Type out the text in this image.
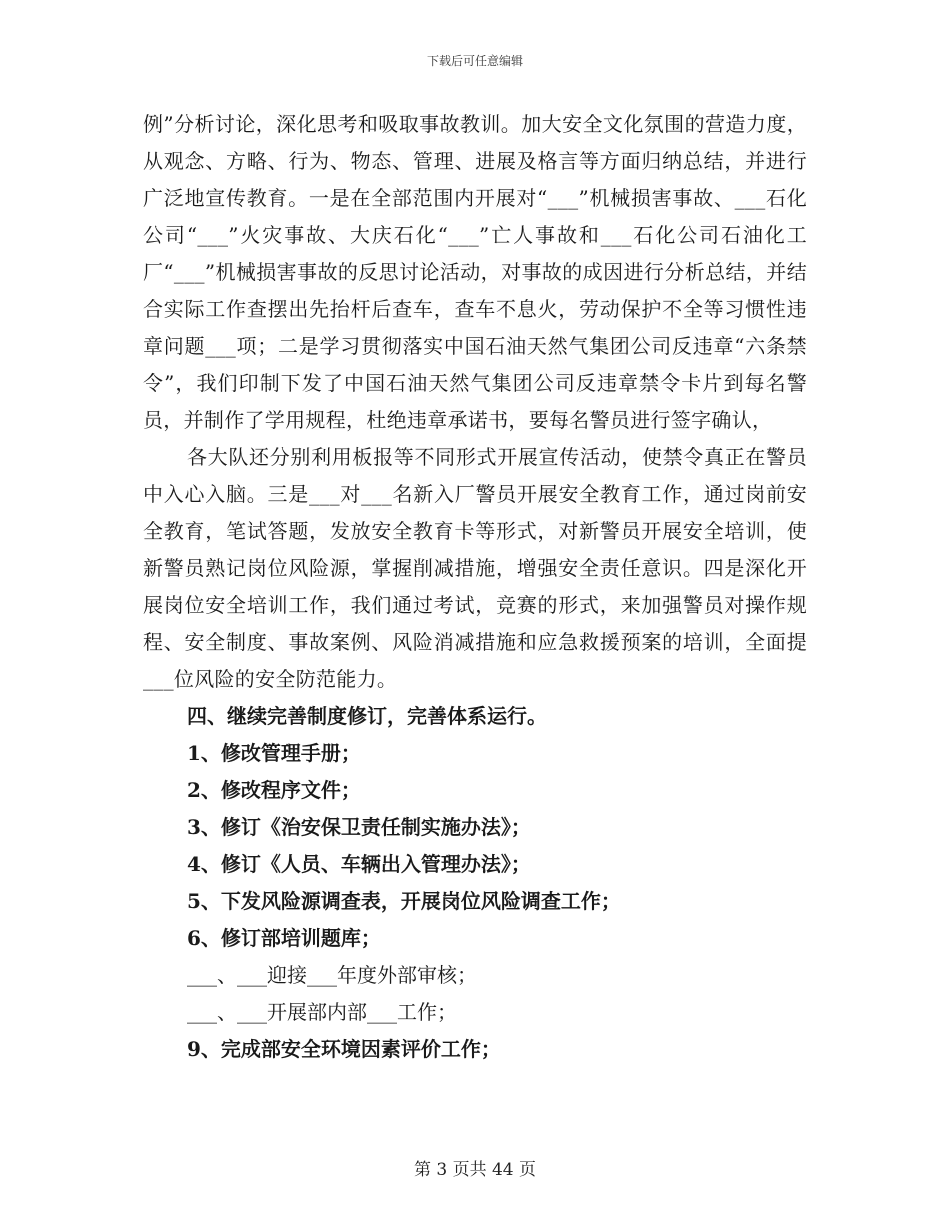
下载后可任意编辑

例”分析讨论，深化思考和吸取事故教训。加大安全文化氛围的营造力度，从观念、方略、行为、物态、管理、进展及格言等方面归纳总结，并进行广泛地宣传教育。一是在全部范围内开展对“___”机械损害事故、___石化公司“___”火灾事故、大庆石化“___”亡人事故和___石化公司石油化工厂“___”机械损害事故的反思讨论活动，对事故的成因进行分析总结，并结合实际工作查摆出先抬杆后查车，查车不息火，劳动保护不全等习惯性违章问题___项；二是学习贯彻落实中国石油天然气集团公司反违章“六条禁令”，我们印制下发了中国石油天然气集团公司反违章禁令卡片到每名警员，并制作了学用规程，杜绝违章承诺书，要每名警员进行签字确认，

各大队还分别利用板报等不同形式开展宣传活动，使禁令真正在警员中入心入脑。三是___对___名新入厂警员开展安全教育工作，通过岗前安全教育，笔试答题，发放安全教育卡等形式，对新警员开展安全培训，使新警员熟记岗位风险源，掌握削减措施，增强安全责任意识。四是深化开展岗位安全培训工作，我们通过考试，竞赛的形式，来加强警员对操作规程、安全制度、事故案例、风险消减措施和应急救援预案的培训，全面提___位风险的安全防范能力。

四、继续完善制度修订，完善体系运行。

1、修改管理手册；

2、修改程序文件；

3、修订《治安保卫责任制实施办法》；

4、修订《人员、车辆出入管理办法》；

5、下发风险源调查表，开展岗位风险调查工作；

6、修订部培训题库；

___、___迎接___年度外部审核；

___、___开展部内部___工作；

9、完成部安全环境因素评价工作；

第 3 页共 44 页
